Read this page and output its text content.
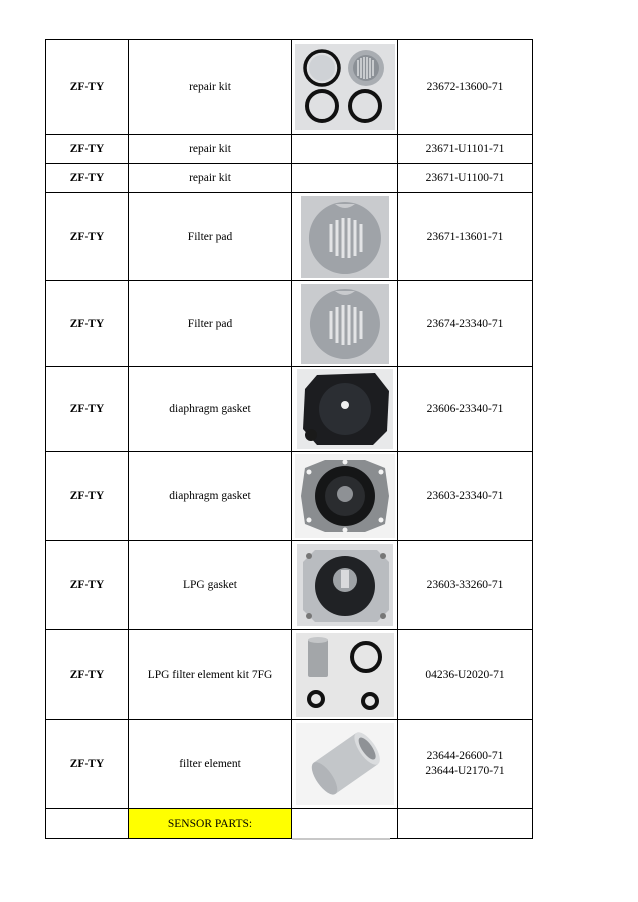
ZF-TY	repair kit		23672-13600-71
ZF-TY	repair kit		23671-U1101-71
ZF-TY	repair kit		23671-U1100-71
ZF-TY	Filter pad		23671-13601-71
ZF-TY	Filter pad		23674-23340-71
ZF-TY	diaphragm gasket		23606-23340-71
ZF-TY	diaphragm gasket		23603-23340-71
ZF-TY	LPG gasket		23603-33260-71
ZF-TY	LPG filter element kit 7FG		04236-U2020-71
ZF-TY	filter element		23644-26600-71
23644-U2170-71

	SENSOR PARTS:		
